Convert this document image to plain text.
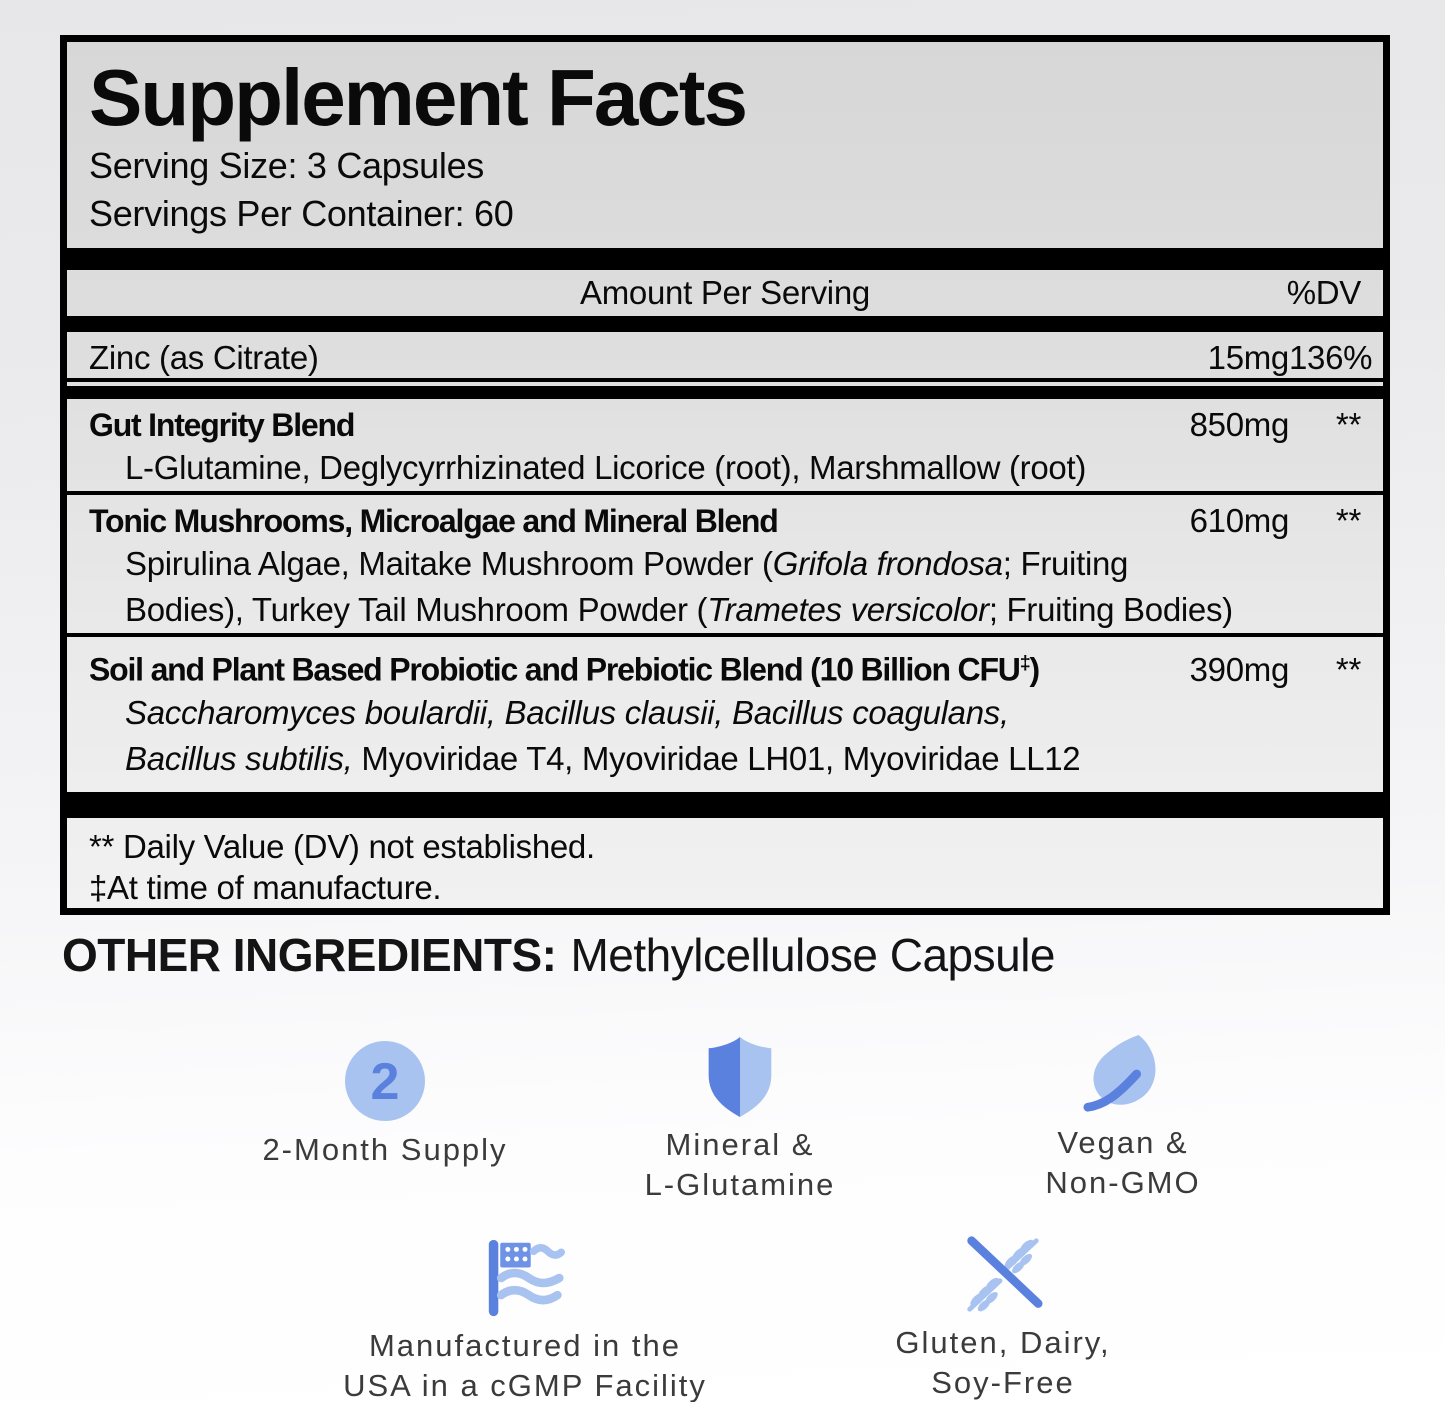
Supplement Facts
Serving Size: 3 Capsules
Servings Per Container: 60
Amount Per Serving	%DV
Zinc (as Citrate)	15mg 136%
Gut Integrity Blend	850mg	**
L-Glutamine, Deglycyrrhizinated Licorice (root), Marshmallow (root)
Tonic Mushrooms, Microalgae and Mineral Blend	610mg	**
Spirulina Algae, Maitake Mushroom Powder (Grifola frondosa; Fruiting
Bodies), Turkey Tail Mushroom Powder (Trametes versicolor; Fruiting Bodies)
Soil and Plant Based Probiotic and Prebiotic Blend (10 Billion CFU‡)	390mg	**
Saccharomyces boulardii, Bacillus clausii, Bacillus coagulans,
Bacillus subtilis, Myoviridae T4, Myoviridae LH01, Myoviridae LL12
** Daily Value (DV) not established.
‡At time of manufacture.
OTHER INGREDIENTS: Methylcellulose Capsule
2
2-Month Supply	Mineral &
L-Glutamine
Vegan &
Non-GMO
Manufactured in the
USA in a cGMP Facility
Gluten, Dairy,
Soy-Free
